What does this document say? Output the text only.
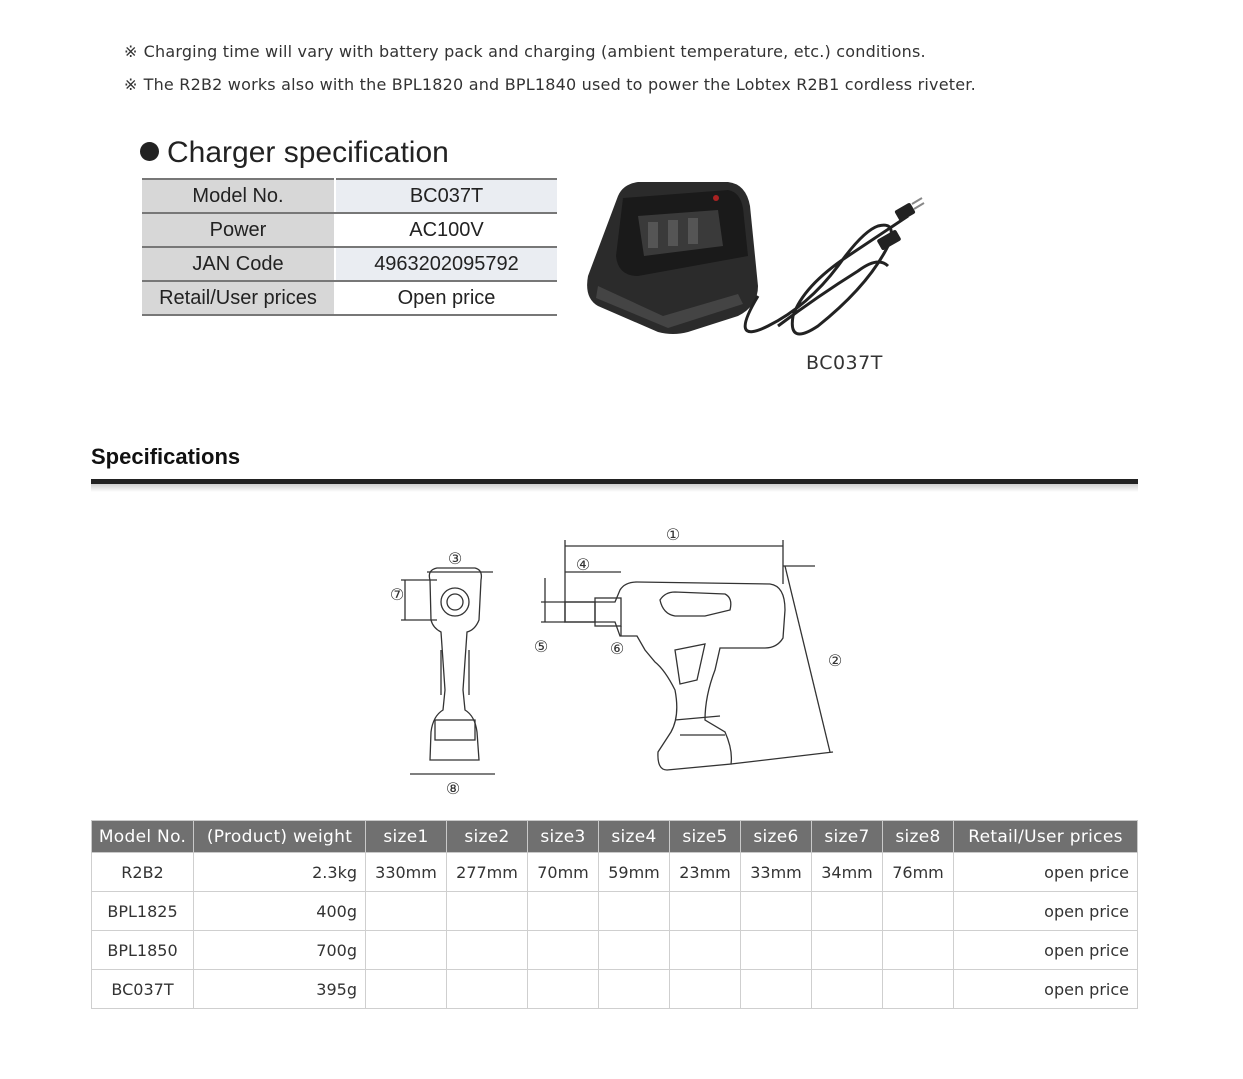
※ Charging time will vary with battery pack and charging (ambient temperature, etc.) conditions.
※ The R2B2 works also with the BPL1820 and BPL1840 used to power the Lobtex R2B1 cordless riveter.
Charger specification
Model No.	BC037T
Power	AC100V
JAN Code	4963202095792
Retail/User prices	Open price
BC037T
Specifications
①
②
③	④
⑤	⑥
⑦
⑧
Model No.	(Product) weight	size1	size2	size3	size4	size5	size6	size7	size8	Retail/User prices
R2B2	2.3kg	330mm	277mm	70mm	59mm	23mm	33mm	34mm	76mm	open price
BPL1825	400g									open price
BPL1850	700g									open price
BC037T	395g									open price
